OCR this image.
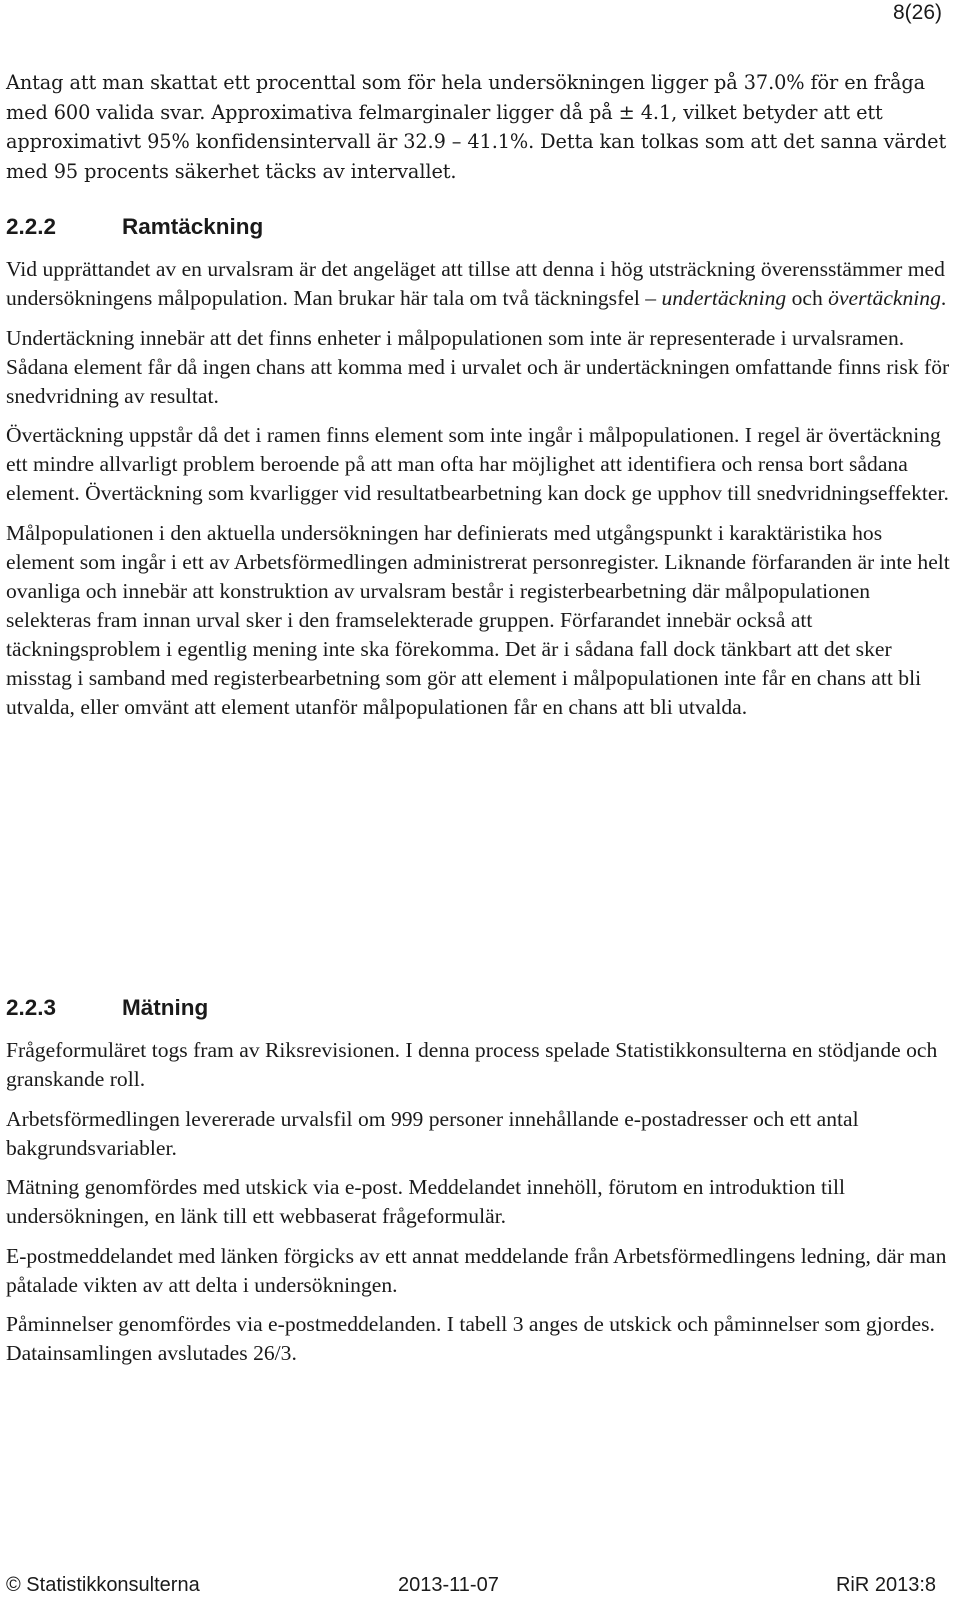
8(26)

Antag att man skattat ett procenttal som för hela undersökningen ligger på 37.0% för en fråga med 600 valida svar. Approximativa felmarginaler ligger då på ± 4.1, vilket betyder att ett approximativt 95% konfidensintervall är 32.9 – 41.1%. Detta kan tolkas som att det sanna värdet med 95 procents säkerhet täcks av intervallet.

2.2.2	Ramtäckning

Vid upprättandet av en urvalsram är det angeläget att tillse att denna i hög utsträckning överensstämmer med undersökningens målpopulation. Man brukar här tala om två täckningsfel – undertäckning och övertäckning.

Undertäckning innebär att det finns enheter i målpopulationen som inte är representerade i urvalsramen. Sådana element får då ingen chans att komma med i urvalet och är undertäckningen omfattande finns risk för snedvridning av resultat.

Övertäckning uppstår då det i ramen finns element som inte ingår i målpopulationen. I regel är övertäckning ett mindre allvarligt problem beroende på att man ofta har möjlighet att identifiera och rensa bort sådana element. Övertäckning som kvarligger vid resultatbearbetning kan dock ge upphov till snedvridningseffekter.

Målpopulationen i den aktuella undersökningen har definierats med utgångspunkt i karaktäristika hos element som ingår i ett av Arbetsförmedlingen administrerat personregister. Liknande förfaranden är inte helt ovanliga och innebär att konstruktion av urvalsram består i registerbearbetning där målpopulationen selekteras fram innan urval sker i den framselekterade gruppen. Förfarandet innebär också att täckningsproblem i egentlig mening inte ska förekomma. Det är i sådana fall dock tänkbart att det sker misstag i samband med registerbearbetning som gör att element i målpopulationen inte får en chans att bli utvalda, eller omvänt att element utanför målpopulationen får en chans att bli utvalda.

2.2.3	Mätning

Frågeformuläret togs fram av Riksrevisionen. I denna process spelade Statistikkonsulterna en stödjande och granskande roll.

Arbetsförmedlingen levererade urvalsfil om 999 personer innehållande e-postadresser och ett antal bakgrundsvariabler.

Mätning genomfördes med utskick via e-post. Meddelandet innehöll, förutom en introduktion till undersökningen, en länk till ett webbaserat frågeformulär.

E-postmeddelandet med länken förgicks av ett annat meddelande från Arbetsförmedlingens ledning, där man påtalade vikten av att delta i undersökningen.

Påminnelser genomfördes via e-postmeddelanden. I tabell 3 anges de utskick och påminnelser som gjordes. Datainsamlingen avslutades 26/3.

© Statistikkonsulterna	2013-11-07	RiR 2013:8
